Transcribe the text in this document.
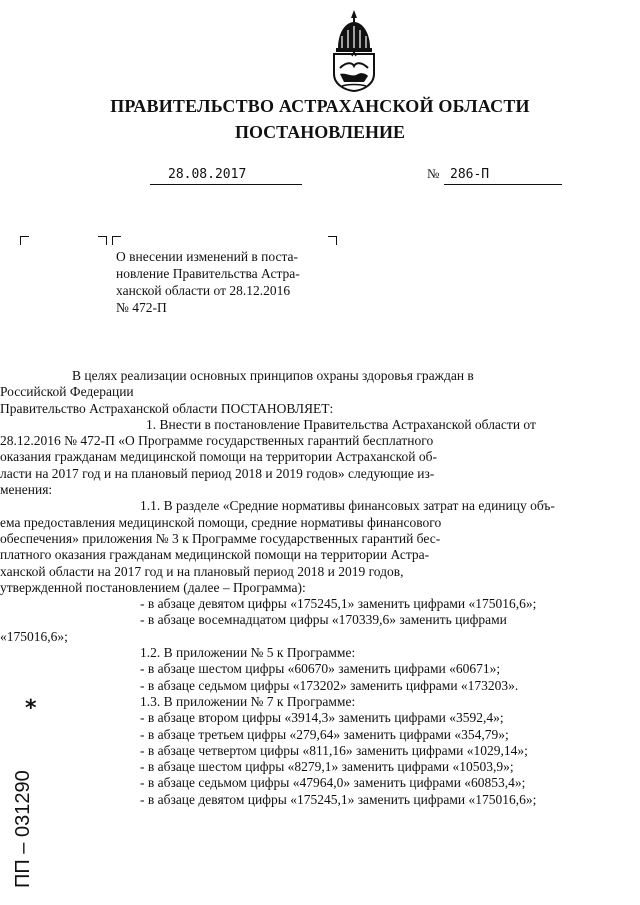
ПРАВИТЕЛЬСТВО АСТРАХАНСКОЙ ОБЛАСТИ
ПОСТАНОВЛЕНИЕ
28.08.2017	№ 286-П
О внесении изменений в поста-
новление Правительства Астра-
ханской области от 28.12.2016
№ 472-П
В целях реализации основных принципов охраны здоровья граждан в
Российской Федерации
Правительство Астраханской области ПОСТАНОВЛЯЕТ:
1. Внести в постановление Правительства Астраханской области от
28.12.2016 № 472-П «О Программе государственных гарантий бесплатного
оказания гражданам медицинской помощи на территории Астраханской об-
ласти на 2017 год и на плановый период 2018 и 2019 годов» следующие из-
менения:
1.1. В разделе «Средние нормативы финансовых затрат на единицу объ-
ема предоставления медицинской помощи, средние нормативы финансового
обеспечения» приложения № 3 к Программе государственных гарантий бес-
платного оказания гражданам медицинской помощи на территории Астра-
ханской области на 2017 год и на плановый период 2018 и 2019 годов,
утвержденной постановлением (далее – Программа):
- в абзаце девятом цифры «175245,1» заменить цифрами «175016,6»;
- в абзаце восемнадцатом цифры «170339,6» заменить цифрами
«175016,6»;
1.2. В приложении № 5 к Программе:
- в абзаце шестом цифры «60670» заменить цифрами «60671»;
- в абзаце седьмом цифры «173202» заменить цифрами «173203».
1.3. В приложении № 7 к Программе:
- в абзаце втором цифры «3914,3» заменить цифрами «3592,4»;
- в абзаце третьем цифры «279,64» заменить цифрами «354,79»;
- в абзаце четвертом цифры «811,16» заменить цифрами «1029,14»;
- в абзаце шестом цифры «8279,1» заменить цифрами «10503,9»;
- в абзаце седьмом цифры «47964,0» заменить цифрами «60853,4»;
- в абзаце девятом цифры «175245,1» заменить цифрами «175016,6»;
*
ПП – 031290
